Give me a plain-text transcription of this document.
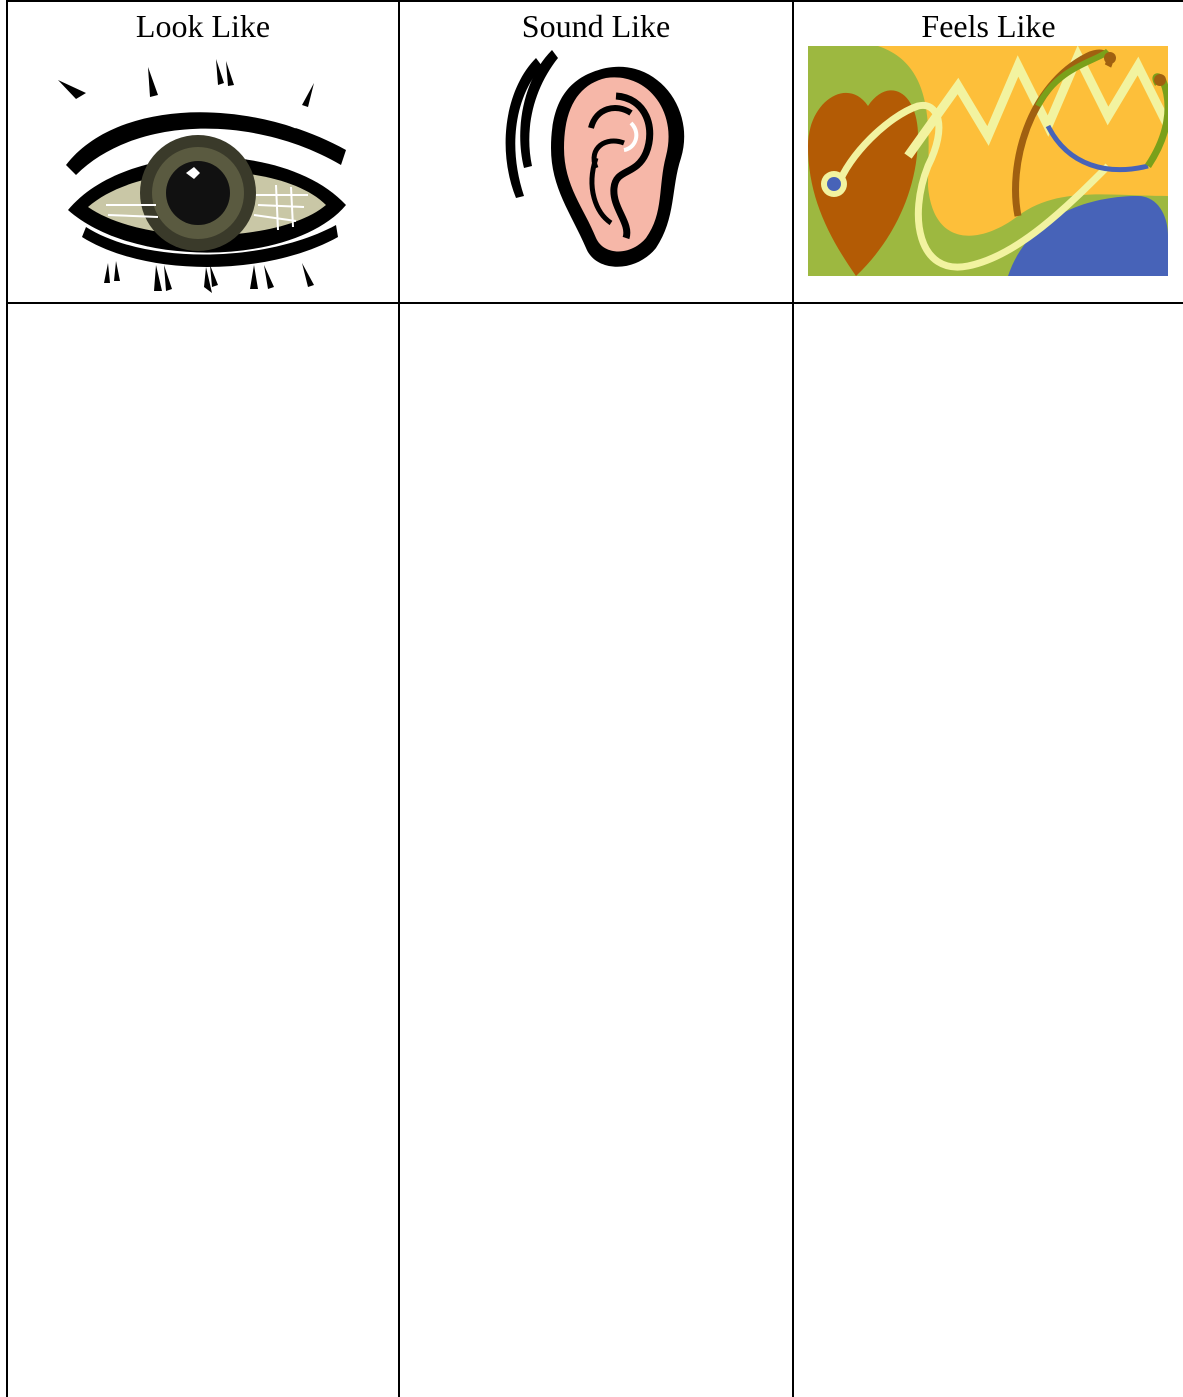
Look Like	Sound Like	Feels Like
